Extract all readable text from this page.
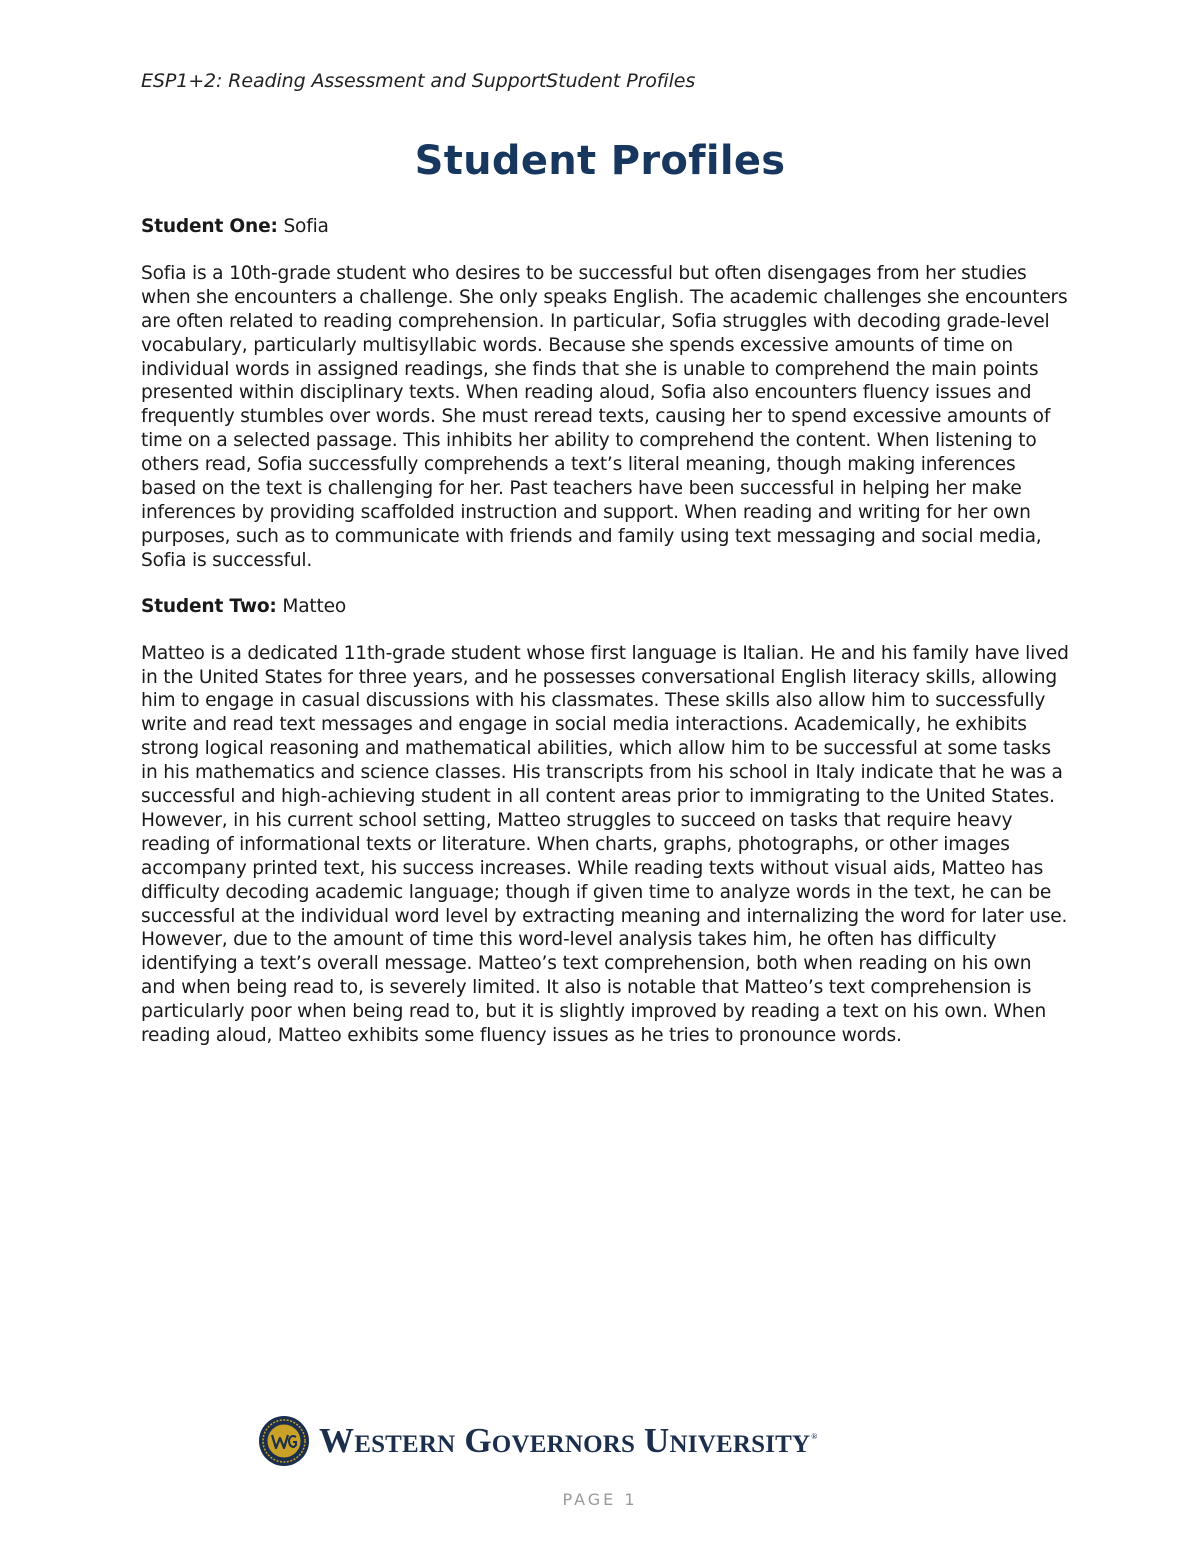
ESP1+2: Reading Assessment and SupportStudent Profiles
Student Profiles

Student One: Sofia

Sofia is a 10th-grade student who desires to be successful but often disengages from her studies when she encounters a challenge. She only speaks English. The academic challenges she encounters are often related to reading comprehension. In particular, Sofia struggles with decoding grade-level vocabulary, particularly multisyllabic words. Because she spends excessive amounts of time on individual words in assigned readings, she finds that she is unable to comprehend the main points presented within disciplinary texts. When reading aloud, Sofia also encounters fluency issues and frequently stumbles over words. She must reread texts, causing her to spend excessive amounts of time on a selected passage. This inhibits her ability to comprehend the content. When listening to others read, Sofia successfully comprehends a text’s literal meaning, though making inferences based on the text is challenging for her. Past teachers have been successful in helping her make inferences by providing scaffolded instruction and support. When reading and writing for her own purposes, such as to communicate with friends and family using text messaging and social media, Sofia is successful.

Student Two: Matteo

Matteo is a dedicated 11th-grade student whose first language is Italian. He and his family have lived in the United States for three years, and he possesses conversational English literacy skills, allowing him to engage in casual discussions with his classmates. These skills also allow him to successfully write and read text messages and engage in social media interactions. Academically, he exhibits strong logical reasoning and mathematical abilities, which allow him to be successful at some tasks in his mathematics and science classes. His transcripts from his school in Italy indicate that he was a successful and high-achieving student in all content areas prior to immigrating to the United States. However, in his current school setting, Matteo struggles to succeed on tasks that require heavy reading of informational texts or literature. When charts, graphs, photographs, or other images accompany printed text, his success increases. While reading texts without visual aids, Matteo has difficulty decoding academic language; though if given time to analyze words in the text, he can be successful at the individual word level by extracting meaning and internalizing the word for later use. However, due to the amount of time this word-level analysis takes him, he often has difficulty identifying a text’s overall message. Matteo’s text comprehension, both when reading on his own and when being read to, is severely limited. It also is notable that Matteo’s text comprehension is particularly poor when being read to, but it is slightly improved by reading a text on his own. When reading aloud, Matteo exhibits some fluency issues as he tries to pronounce words.

Western Governors University®
PAGE 1
